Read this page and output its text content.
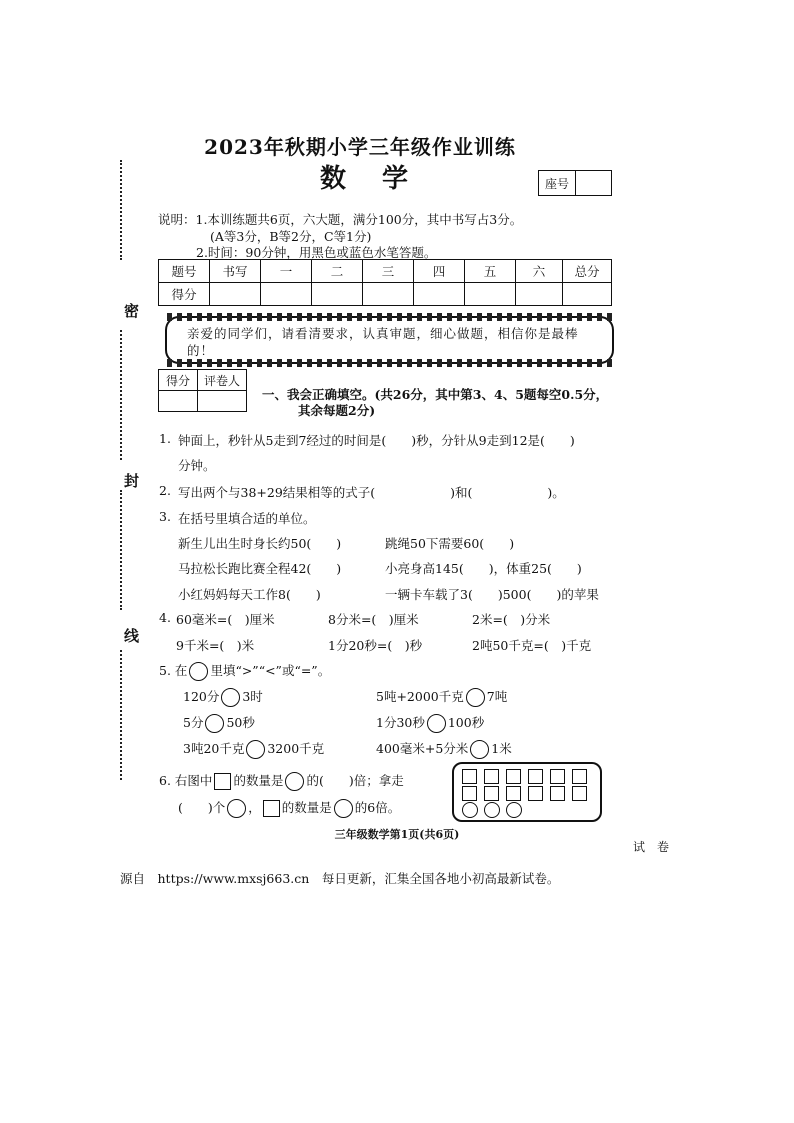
密
封
线
2023年秋期小学三年级作业训练
数学	座号
说明：1.本训练题共6页，六大题，满分100分，其中书写占3分。
(A等3分，B等2分，C等1分)
2.时间：90分钟，用黑色或蓝色水笔答题。
题号	书写	一	二	三	四	五	六	总分
得分								
亲爱的同学们，请看清要求，认真审题，细心做题，相信你是最棒的！
得分	评卷人

一、我会正确填空。(共26分，其中第3、4、5题每空0.5分，
其余每题2分)
1. 钟面上，秒针从5走到7经过的时间是(　　)秒，分针从9走到12是(　　)
分钟。
2. 写出两个与38+29结果相等的式子(　　　　　　)和(　　　　　　)。
3. 在括号里填合适的单位。
新生儿出生时身长约50(　　)	跳绳50下需要60(　　)
马拉松长跑比赛全程42(　　)	小亮身高145(　　)，体重25(　　)
小红妈妈每天工作8(　　)	一辆卡车载了3(　　)500(　　)的苹果
4. 60毫米=(　)厘米	8分米=(　)厘米	2米=(　)分米
9千米=(　)米	1分20秒=(　)秒	2吨50千克=(　)千克
5. 在 里填“>”“<”或“=”。
120分 3时	5吨+2000千克 7吨
5分 50秒	1分30秒 100秒
3吨20千克 3200千克	400毫米+5分米 1米
6. 右图中 的数量是 的(　　)倍；拿走
(　　)个 ， 的数量是 的6倍。
三年级数学第1页(共6页)
试卷
源自　https://www.mxsj663.cn　每日更新，汇集全国各地小初高最新试卷。
